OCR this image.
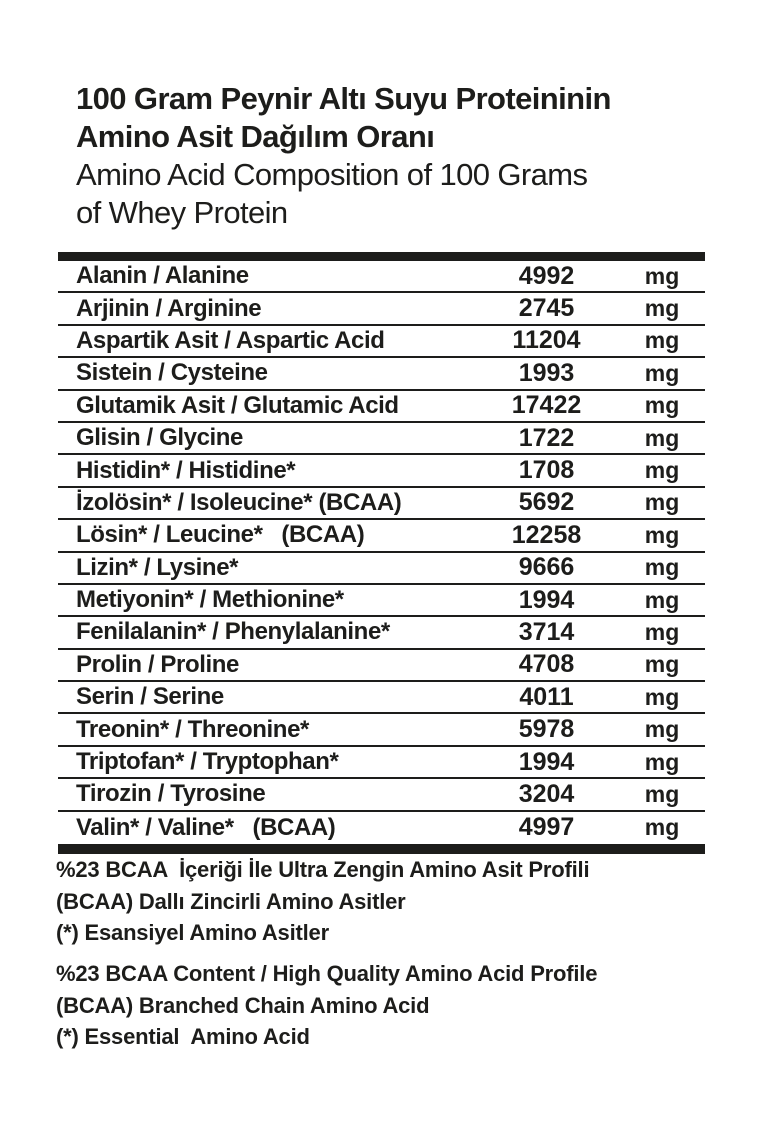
100 Gram Peynir Altı Suyu Proteininin
Amino Asit Dağılım Oranı
Amino Acid Composition of 100 Grams
of Whey Protein
Alanin / Alanine	4992	mg
Arjinin / Arginine	2745	mg
Aspartik Asit / Aspartic Acid	11204	mg
Sistein / Cysteine	1993	mg
Glutamik Asit / Glutamic Acid	17422	mg
Glisin / Glycine	1722	mg
Histidin* / Histidine*	1708	mg
İzolösin* / Isoleucine* (BCAA)	5692	mg
Lösin* / Leucine*   (BCAA)	12258	mg
Lizin* / Lysine*	9666	mg
Metiyonin* / Methionine*	1994	mg
Fenilalanin* / Phenylalanine*	3714	mg
Prolin / Proline	4708	mg
Serin / Serine	4011	mg
Treonin* / Threonine*	5978	mg
Triptofan* / Tryptophan*	1994	mg
Tirozin / Tyrosine	3204	mg
Valin* / Valine*   (BCAA)	4997	mg
%23 BCAA  İçeriği İle Ultra Zengin Amino Asit Profili
(BCAA) Dallı Zincirli Amino Asitler
(*) Esansiyel Amino Asitler
%23 BCAA Content / High Quality Amino Acid Profile
(BCAA) Branched Chain Amino Acid
(*) Essential  Amino Acid
